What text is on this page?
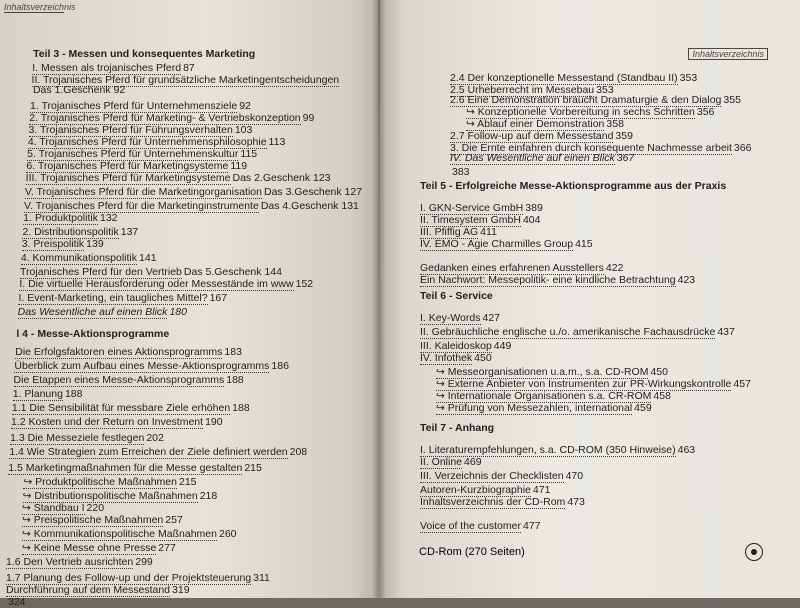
Inhaltsverzeichnis
Teil 3 - Messen und konsequentes Marketing
I. Messen als trojanisches Pferd 87
II. Trojanisches Pferd für grundsätzliche Marketingentscheidungen
Das 1.Geschenk 92
1. Trojanisches Pferd für Unternehmensziele 92
2. Trojanisches Pferd für Marketing- & Vertriebskonzeption 99
3. Trojanisches Pferd für Führungsverhalten 103
4. Trojanisches Pferd für Unternehmensphilosophie 113
5. Trojanisches Pferd für Unternehmenskultur 115
6. Trojanisches Pferd für Marketingsysteme 119
III. Trojanisches Pferd für Marketingsysteme Das 2.Geschenk 123
V. Trojanisches Pferd für die Marketingorganisation Das 3.Geschenk 127
V. Trojanisches Pferd für die Marketinginstrumente Das 4.Geschenk 131
1. Produktpolitik 132
2. Distributionspolitik 137
3. Preispolitik 139
4. Kommunikationspolitik 141
Trojanisches Pferd für den Vertrieb Das 5.Geschenk 144
I. Die virtuelle Herausforderung oder Messestände im www 152
I. Event-Marketing, ein taugliches Mittel? 167
Das Wesentliche auf einen Blick 180
l 4 - Messe-Aktionsprogramme
Die Erfolgsfaktoren eines Aktionsprogramms 183
Überblick zum Aufbau eines Messe-Aktionsprogramms 186
Die Etappen eines Messe-Aktionsprogramms 188
1. Planung 188
1.1 Die Sensibilität für messbare Ziele erhöhen 188
1.2 Kosten und der Return on Investment 190
1.3 Die Messeziele festlegen 202
1.4 Wie Strategien zum Erreichen der Ziele definiert werden 208
1.5 Marketingmaßnahmen für die Messe gestalten 215
↪ Produktpolitische Maßnahmen 215
↪ Distributionspolitische Maßnahmen 218
↪ Standbau I 220
↪ Preispolitische Maßnahmen 257
↪ Kommunikationspolitische Maßnahmen 260
↪ Keine Messe ohne Presse 277
1.6 Den Vertrieb ausrichten 299
1.7 Planung des Follow-up und der Projektsteuerung 311
Durchführung auf dem Messestand 319
324
Inhaltsverzeichnis
2.4 Der konzeptionelle Messestand (Standbau II) 353
2.5 Urheberrecht im Messebau 353
2.6 Eine Demonstration braucht Dramaturgie & den Dialog 355
↪ Konzeptionelle Vorbereitung in sechs Schritten 356
↪ Ablauf einer Demonstration 358
2.7 Follow-up auf dem Messestand 359
3. Die Ernte einfahren durch konsequente Nachmesse arbeit 366
IV. Das Wesentliche auf einen Blick 367
383
Teil 5 - Erfolgreiche Messe-Aktionsprogramme aus der Praxis
I. GKN-Service GmbH 389
II. Timesystem GmbH 404
III. Pfiffig AG 411
IV. EMO - Agie Charmilles Group 415
Gedanken eines erfahrenen Ausstellers 422
Ein Nachwort: Messepolitik- eine kindliche Betrachtung 423
Teil 6 - Service
I. Key-Words 427
II. Gebräuchliche englische u./o. amerikanische Fachausdrücke 437
III. Kaleidoskop 449
IV. Infothek 450
↪ Messeorganisationen u.a.m., s.a. CD-ROM 450
↪ Externe Anbieter von Instrumenten zur PR-Wirkungskontrolle 457
↪ Internationale Organisationen s.a. CR-ROM 458
↪ Prüfung von Messezahlen, international 459
Teil 7 - Anhang
I. Literaturempfehlungen, s.a. CD-ROM (350 Hinweise) 463
II. Online 469
III. Verzeichnis der Checklisten 470
Autoren-Kurzbiographie 471
Inhaltsverzeichnis der CD-Rom 473
Voice of the customer 477
CD-Rom (270 Seiten)
